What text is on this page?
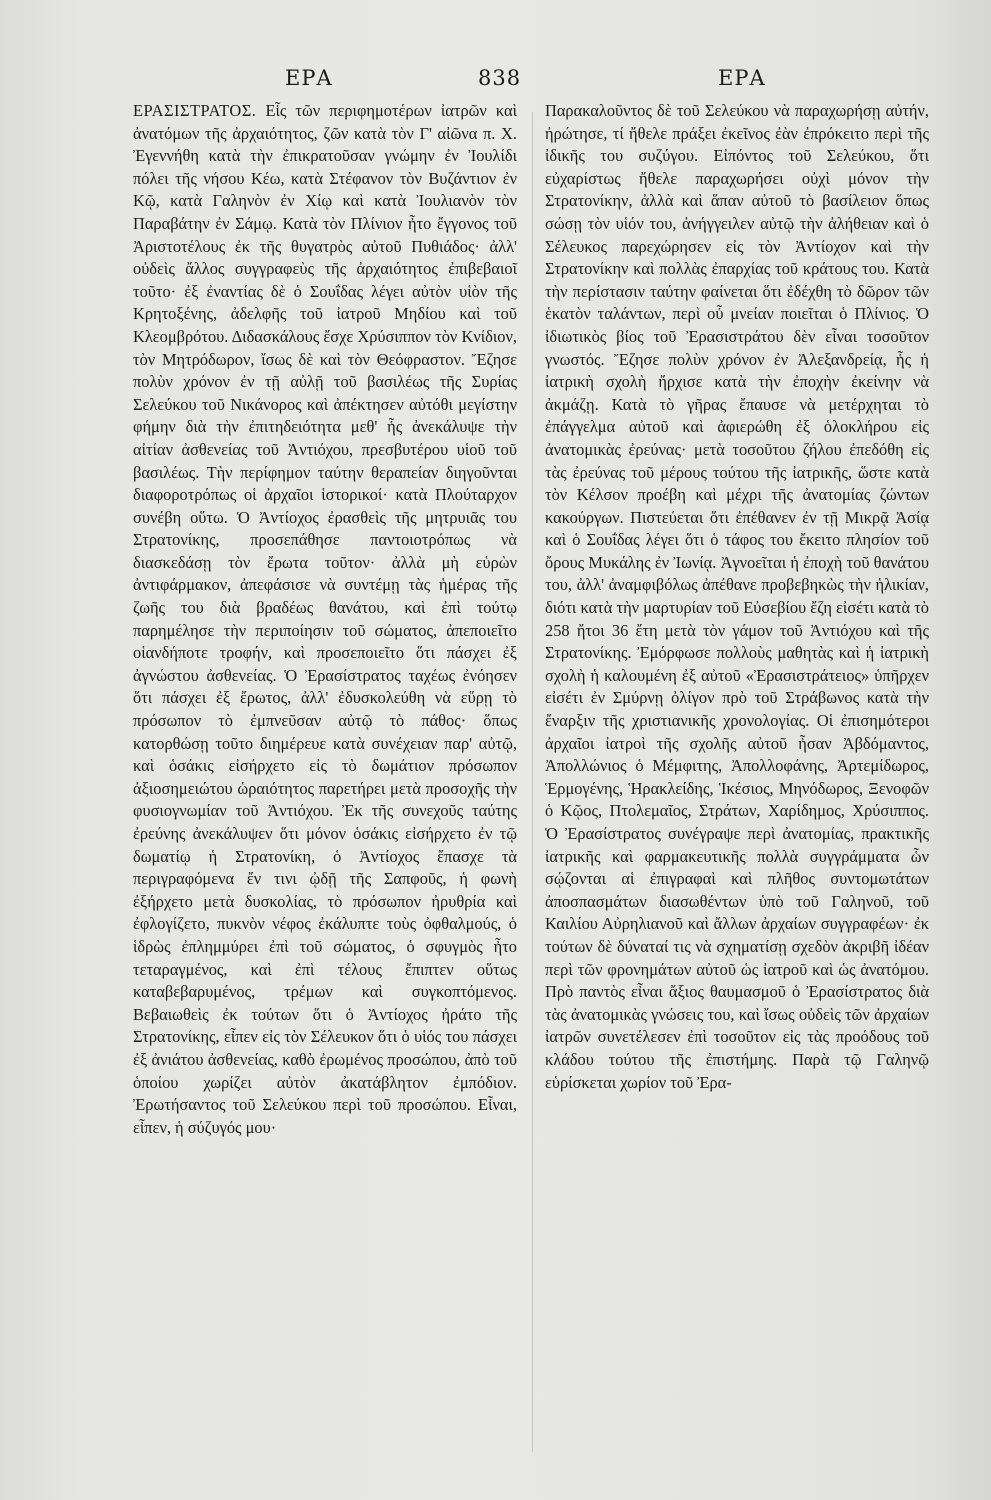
ΕΡΑ	838	ΕΡΑ

ΕΡΑΣΙΣΤΡΑΤΟΣ. Εἷς τῶν περιφημοτέρων ἰατρῶν καὶ ἀνατόμων τῆς ἀρχαιότητος, ζῶν κατὰ τὸν Γ' αἰῶνα π. Χ. Ἐγεννήθη κατὰ τὴν ἐπικρατοῦσαν γνώμην ἐν Ἰουλίδι πόλει τῆς νήσου Κέω, κατὰ Στέφανον τὸν Βυζάντιον ἐν Κῷ, κατὰ Γαληνὸν ἐν Χίῳ καὶ κατὰ Ἰουλιανὸν τὸν Παραβάτην ἐν Σάμῳ. Κατὰ τὸν Πλίνιον ἦτο ἔγγονος τοῦ Ἀριστοτέλους ἐκ τῆς θυγατρὸς αὐτοῦ Πυθιάδος· ἀλλ' οὐδεὶς ἄλλος συγγραφεὺς τῆς ἀρχαιότητος ἐπιβεβαιοῖ τοῦτο· ἐξ ἐναντίας δὲ ὁ Σουΐδας λέγει αὐτὸν υἱὸν τῆς Κρητοξένης, ἀδελφῆς τοῦ ἰατροῦ Μηδίου καὶ τοῦ Κλεομβρότου. Διδασκάλους ἔσχε Χρύσιππον τὸν Κνίδιον, τὸν Μητρόδωρον, ἴσως δὲ καὶ τὸν Θεόφραστον. Ἔζησε πολὺν χρόνον ἐν τῇ αὐλῇ τοῦ βασιλέως τῆς Συρίας Σελεύκου τοῦ Νικάνορος καὶ ἀπέκτησεν αὐτόθι μεγίστην φήμην διὰ τὴν ἐπιτηδειότητα μεθ' ἧς ἀνεκάλυψε τὴν αἰτίαν ἀσθενείας τοῦ Ἀντιόχου, πρεσβυτέρου υἱοῦ τοῦ βασιλέως. Τὴν περίφημον ταύτην θεραπείαν διηγοῦνται διαφοροτρόπως οἱ ἀρχαῖοι ἱστορικοί· κατὰ Πλούταρχον συνέβη οὕτω. Ὁ Ἀντίοχος ἐρασθεὶς τῆς μητρυιᾶς του Στρατονίκης, προσεπάθησε παντοιοτρόπως νὰ διασκεδάσῃ τὸν ἔρωτα τοῦτον· ἀλλὰ μὴ εὑρὼν ἀντιφάρμακον, ἀπεφάσισε νὰ συντέμῃ τὰς ἡμέρας τῆς ζωῆς του διὰ βραδέως θανάτου, καὶ ἐπὶ τούτῳ παρημέλησε τὴν περιποίησιν τοῦ σώματος, ἀπεποιεῖτο οἱανδήποτε τροφήν, καὶ προσεποιεῖτο ὅτι πάσχει ἐξ ἀγνώστου ἀσθενείας. Ὁ Ἐρασίστρατος ταχέως ἐνόησεν ὅτι πάσχει ἐξ ἔρωτος, ἀλλ' ἐδυσκολεύθη νὰ εὕρῃ τὸ πρόσωπον τὸ ἐμπνεῦσαν αὐτῷ τὸ πάθος· ὅπως κατορθώσῃ τοῦτο διημέρευε κατὰ συνέχειαν παρ' αὐτῷ, καὶ ὁσάκις εἰσήρχετο εἰς τὸ δωμάτιον πρόσωπον ἀξιοσημειώτου ὡραιότητος παρετήρει μετὰ προσοχῆς τὴν φυσιογνωμίαν τοῦ Ἀντιόχου. Ἐκ τῆς συνεχοῦς ταύτης ἐρεύνης ἀνεκάλυψεν ὅτι μόνον ὁσάκις εἰσήρχετο ἐν τῷ δωματίῳ ἡ Στρατονίκη, ὁ Ἀντίοχος ἔπασχε τὰ περιγραφόμενα ἔν τινι ᾠδῇ τῆς Σαπφοῦς, ἡ φωνὴ ἐξήρχετο μετὰ δυσκολίας, τὸ πρόσωπον ἠρυθρία καὶ ἐφλογίζετο, πυκνὸν νέφος ἐκάλυπτε τοὺς ὀφθαλμούς, ὁ ἱδρὼς ἐπλημμύρει ἐπὶ τοῦ σώματος, ὁ σφυγμὸς ἦτο τεταραγμένος, καὶ ἐπὶ τέλους ἔπιπτεν οὕτως καταβεβαρυμένος, τρέμων καὶ συγκοπτόμενος. Βεβαιωθεὶς ἐκ τούτων ὅτι ὁ Ἀντίοχος ἠράτο τῆς Στρατονίκης, εἶπεν εἰς τὸν Σέλευκον ὅτι ὁ υἱός του πάσχει ἐξ ἀνιάτου ἀσθενείας, καθὸ ἐρωμένος προσώπου, ἀπὸ τοῦ ὁποίου χωρίζει αὐτὸν ἀκατάβλητον ἐμπόδιον. Ἐρωτήσαντος τοῦ Σελεύκου περὶ τοῦ προσώπου. Εἶναι, εἶπεν, ἡ σύζυγός μου·

Παρακαλοῦντος δὲ τοῦ Σελεύκου νὰ παραχωρήσῃ αὐτήν, ἠρώτησε, τί ἤθελε πράξει ἐκεῖνος ἐὰν ἐπρόκειτο περὶ τῆς ἰδικῆς του συζύγου. Εἰπόντος τοῦ Σελεύκου, ὅτι εὐχαρίστως ἤθελε παραχωρήσει οὐχὶ μόνον τὴν Στρατονίκην, ἀλλὰ καὶ ἅπαν αὐτοῦ τὸ βασίλειον ὅπως σώσῃ τὸν υἱόν του, ἀνήγγειλεν αὐτῷ τὴν ἀλήθειαν καὶ ὁ Σέλευκος παρεχώρησεν εἰς τὸν Ἀντίοχον καὶ τὴν Στρατονίκην καὶ πολλὰς ἐπαρχίας τοῦ κράτους του. Κατὰ τὴν περίστασιν ταύτην φαίνεται ὅτι ἐδέχθη τὸ δῶρον τῶν ἑκατὸν ταλάντων, περὶ οὗ μνείαν ποιεῖται ὁ Πλίνιος. Ὁ ἰδιωτικὸς βίος τοῦ Ἐρασιστράτου δὲν εἶναι τοσοῦτον γνωστός. Ἔζησε πολὺν χρόνον ἐν Ἀλεξανδρείᾳ, ἧς ἡ ἰατρικὴ σχολὴ ἤρχισε κατὰ τὴν ἐποχὴν ἐκείνην νὰ ἀκμάζῃ. Κατὰ τὸ γῆρας ἔπαυσε νὰ μετέρχηται τὸ ἐπάγγελμα αὐτοῦ καὶ ἀφιερώθη ἐξ ὁλοκλήρου εἰς ἀνατομικὰς ἐρεύνας· μετὰ τοσοῦτου ζήλου ἐπεδόθη εἰς τὰς ἐρεύνας τοῦ μέρους τούτου τῆς ἰατρικῆς, ὥστε κατὰ τὸν Κέλσον προέβη καὶ μέχρι τῆς ἀνατομίας ζώντων κακούργων. Πιστεύεται ὅτι ἐπέθανεν ἐν τῇ Μικρᾷ Ἀσίᾳ καὶ ὁ Σουΐδας λέγει ὅτι ὁ τάφος του ἔκειτο πλησίον τοῦ ὄρους Μυκάλης ἐν Ἰωνίᾳ. Ἀγνοεῖται ἡ ἐποχὴ τοῦ θανάτου του, ἀλλ' ἀναμφιβόλως ἀπέθανε προβεβηκὼς τὴν ἡλικίαν, διότι κατὰ τὴν μαρτυρίαν τοῦ Εὐσεβίου ἔζη εἰσέτι κατὰ τὸ 258 ἤτοι 36 ἔτη μετὰ τὸν γάμον τοῦ Ἀντιόχου καὶ τῆς Στρατονίκης. Ἐμόρφωσε πολλοὺς μαθητὰς καὶ ἡ ἰατρικὴ σχολὴ ἡ καλουμένη ἐξ αὐτοῦ «Ἐρασιστράτειος» ὑπῆρχεν εἰσέτι ἐν Σμύρνῃ ὀλίγον πρὸ τοῦ Στράβωνος κατὰ τὴν ἔναρξιν τῆς χριστιανικῆς χρονολογίας. Οἱ ἐπισημότεροι ἀρχαῖοι ἰατροὶ τῆς σχολῆς αὐτοῦ ἦσαν Ἀβδόμαντος, Ἀπολλώνιος ὁ Μέμφιτης, Ἀπολλοφάνης, Ἀρτεμίδωρος, Ἑρμογένης, Ἡρακλείδης, Ἱκέσιος, Μηνόδωρος, Ξενοφῶν ὁ Κῷος, Πτολεμαῖος, Στράτων, Χαρίδημος, Χρύσιππος. Ὁ Ἐρασίστρατος συνέγραψε περὶ ἀνατομίας, πρακτικῆς ἰατρικῆς καὶ φαρμακευτικῆς πολλὰ συγγράμματα ὧν σῴζονται αἱ ἐπιγραφαὶ καὶ πλῆθος συντομωτάτων ἀποσπασμάτων διασωθέντων ὑπὸ τοῦ Γαληνοῦ, τοῦ Καιλίου Αὐρηλιανοῦ καὶ ἄλλων ἀρχαίων συγγραφέων· ἐκ τούτων δὲ δύναταί τις νὰ σχηματίσῃ σχεδὸν ἀκριβῆ ἰδέαν περὶ τῶν φρονημάτων αὐτοῦ ὡς ἰατροῦ καὶ ὡς ἀνατόμου. Πρὸ παντὸς εἶναι ἄξιος θαυμασμοῦ ὁ Ἐρασίστρατος διὰ τὰς ἀνατομικὰς γνώσεις του, καὶ ἴσως οὐδεὶς τῶν ἀρχαίων ἰατρῶν συνετέλεσεν ἐπὶ τοσοῦτον εἰς τὰς προόδους τοῦ κλάδου τούτου τῆς ἐπιστήμης. Παρὰ τῷ Γαληνῷ εὑρίσκεται χωρίον τοῦ Ἐρα-
